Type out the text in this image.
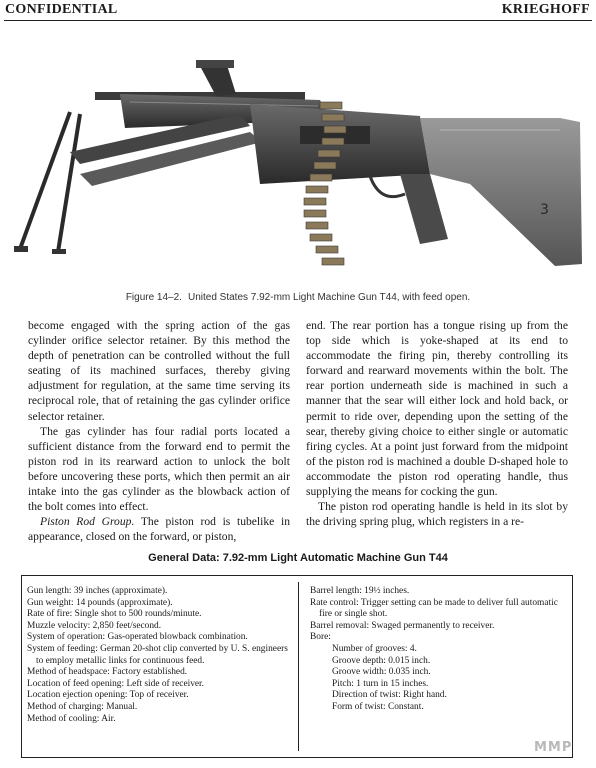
CONFIDENTIAL	KRIEGHOFF
3
Figure 14–2. United States 7.92-mm Light Machine Gun T44, with feed open.

become engaged with the spring action of the gas cylinder orifice selector retainer. By this method the depth of penetration can be controlled without the full seating of its machined surfaces, thereby giving adjustment for regulation, at the same time serving its reciprocal role, that of retaining the gas cylinder orifice selector retainer.

The gas cylinder has four radial ports located a sufficient distance from the forward end to permit the piston rod in its rearward action to unlock the bolt before uncovering these ports, which then permit an air intake into the gas cylinder as the blowback action of the bolt comes into effect.

Piston Rod Group. The piston rod is tubelike in appearance, closed on the forward, or piston,

end. The rear portion has a tongue rising up from the top side which is yoke-shaped at its end to accommodate the firing pin, thereby controlling its forward and rearward movements within the bolt. The rear portion underneath side is machined in such a manner that the sear will either lock and hold back, or permit to ride over, depending upon the setting of the sear, thereby giving choice to either single or automatic firing cycles. At a point just forward from the midpoint of the piston rod is machined a double D-shaped hole to accommodate the piston rod operating handle, thus supplying the means for cocking the gun.

The piston rod operating handle is held in its slot by the driving spring plug, which registers in a re-

General Data: 7.92-mm Light Automatic Machine Gun T44
Gun length: 39 inches (approximate).
Gun weight: 14 pounds (approximate).
Rate of fire: Single shot to 500 rounds/minute.
Muzzle velocity: 2,850 feet/second.
System of operation: Gas-operated blowback combination.
System of feeding: German 20-shot clip converted by U. S. engineers to employ metallic links for continuous feed.
Method of headspace: Factory established.
Location of feed opening: Left side of receiver.
Location ejection opening: Top of receiver.
Method of charging: Manual.
Method of cooling: Air.
Barrel length: 19½ inches.
Rate control: Trigger setting can be made to deliver full automatic fire or single shot.
Barrel removal: Swaged permanently to receiver.
Bore:
Number of grooves: 4.
Groove depth: 0.015 inch.
Groove width: 0.035 inch.
Pitch: 1 turn in 15 inches.
Direction of twist: Right hand.
Form of twist: Constant.
MMP
